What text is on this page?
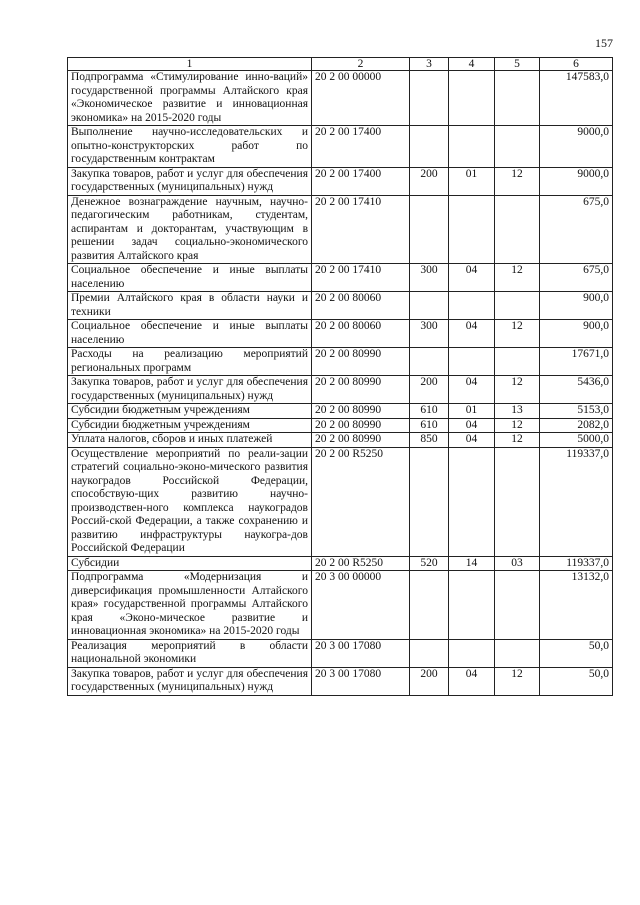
157
1	2	3	4	5	6
Подпрограмма «Стимулирование инно-ваций» государственной программы Алтайского края «Экономическое развитие и инновационная экономика» на 2015-2020 годы	20 2 00 00000				147583,0
Выполнение научно-исследовательских и опытно-конструкторских работ по государственным контрактам	20 2 00 17400				9000,0
Закупка товаров, работ и услуг для обеспечения государственных (муниципальных) нужд	20 2 00 17400	200	01	12	9000,0
Денежное вознаграждение научным, научно-педагогическим работникам, студентам, аспирантам и докторантам, участвующим в решении задач социально-экономического развития Алтайского края	20 2 00 17410				675,0
Социальное обеспечение и иные выплаты населению	20 2 00 17410	300	04	12	675,0
Премии Алтайского края в области науки и техники	20 2 00 80060				900,0
Социальное обеспечение и иные выплаты населению	20 2 00 80060	300	04	12	900,0
Расходы на реализацию мероприятий региональных программ	20 2 00 80990				17671,0
Закупка товаров, работ и услуг для обеспечения государственных (муниципальных) нужд	20 2 00 80990	200	04	12	5436,0
Субсидии бюджетным учреждениям	20 2 00 80990	610	01	13	5153,0
Субсидии бюджетным учреждениям	20 2 00 80990	610	04	12	2082,0
Уплата налогов, сборов и иных платежей	20 2 00 80990	850	04	12	5000,0
Осуществление мероприятий по реали-зации стратегий социально-эконо-мического развития наукоградов Российской Федерации, способствую-щих развитию научно-производствен-ного комплекса наукоградов Россий-ской Федерации, а также сохранению и развитию инфраструктуры наукогра-дов Российской Федерации	20 2 00 R5250				119337,0
Субсидии	20 2 00 R5250	520	14	03	119337,0
Подпрограмма «Модернизация и диверсификация промышленности Алтайского края» государственной программы Алтайского края «Эконо-мическое развитие и инновационная экономика» на 2015-2020 годы	20 3 00 00000				13132,0
Реализация мероприятий в области национальной экономики	20 3 00 17080				50,0
Закупка товаров, работ и услуг для обеспечения государственных (муниципальных) нужд	20 3 00 17080	200	04	12	50,0
